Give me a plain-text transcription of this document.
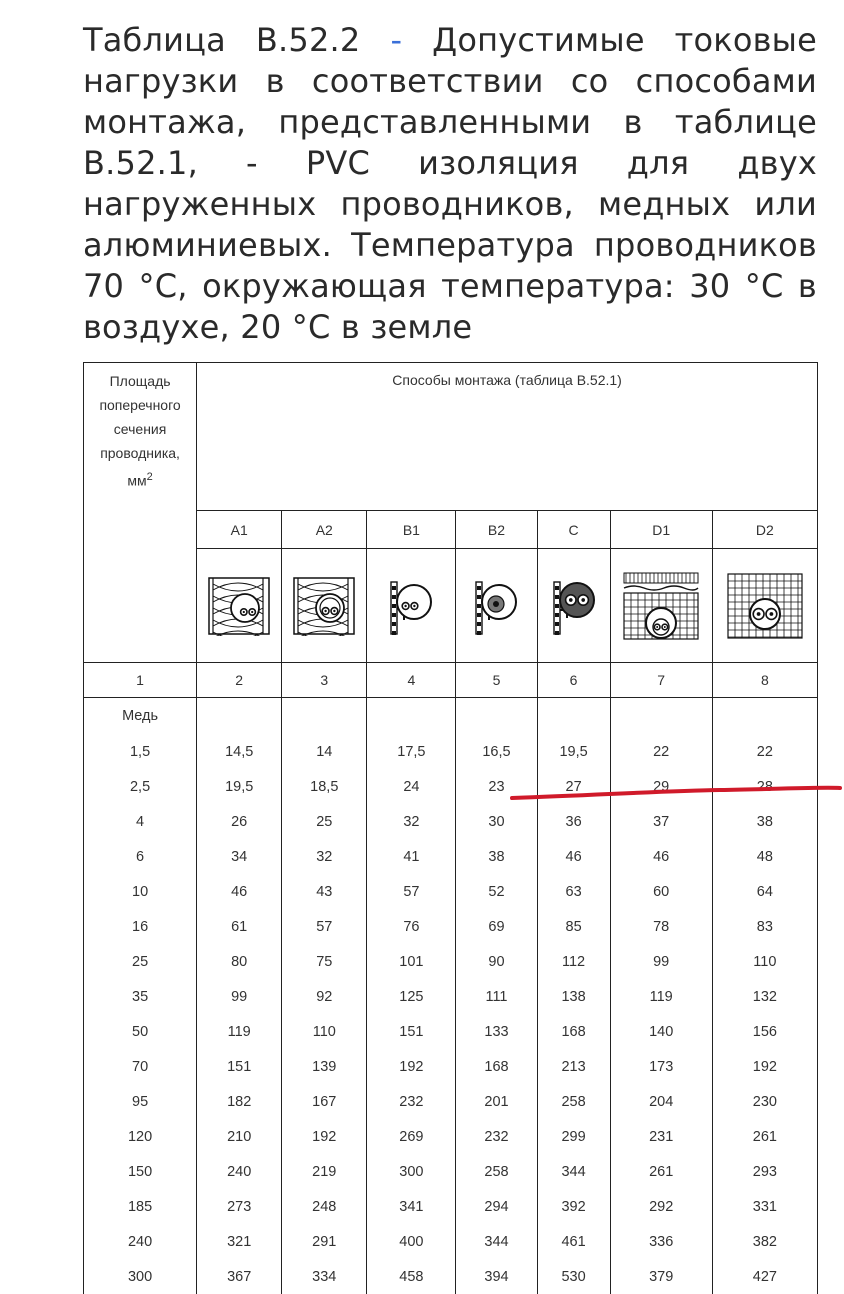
Таблица В.52.2 - Допустимые токовые нагрузки в соответствии со способами монтажа, представленными в таблице В.52.1, - PVC изоляция для двух нагруженных проводников, медных или алюминиевых. Температура проводников 70 °C, окружающая температура: 30 °C в воздухе, 20 °C в земле
Площадь поперечного сечения проводника,
$мм^2$	Способы монтажа (таблица В.52.1)						
	A1	A2	B1	B2	C	D1	D2

1	2	3	4	5	6	7	8
Медь							
1,5	14,5	14	17,5	16,5	19,5	22	22
2,5	19,5	18,5	24	23	27	29	28
4	26	25	32	30	36	37	38
6	34	32	41	38	46	46	48
10	46	43	57	52	63	60	64
16	61	57	76	69	85	78	83
25	80	75	101	90	112	99	110
35	99	92	125	111	138	119	132
50	119	110	151	133	168	140	156
70	151	139	192	168	213	173	192
95	182	167	232	201	258	204	230
120	210	192	269	232	299	231	261
150	240	219	300	258	344	261	293
185	273	248	341	294	392	292	331
240	321	291	400	344	461	336	382
300	367	334	458	394	530	379	427
